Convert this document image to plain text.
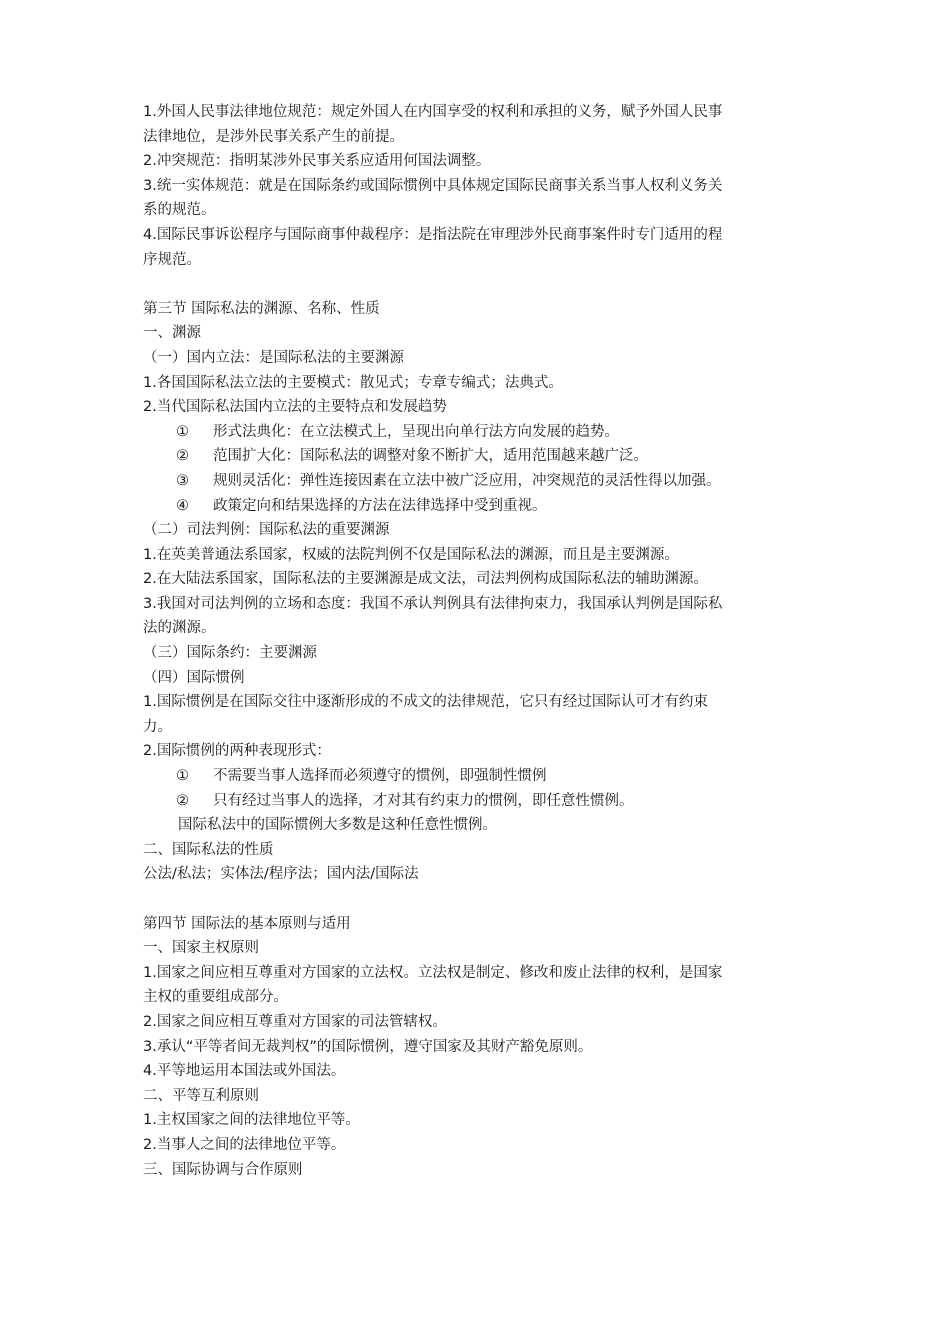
1.外国人民事法律地位规范：规定外国人在内国享受的权利和承担的义务，赋予外国人民事
法律地位，是涉外民事关系产生的前提。
2.冲突规范：指明某涉外民事关系应适用何国法调整。
3.统一实体规范：就是在国际条约或国际惯例中具体规定国际民商事关系当事人权利义务关
系的规范。
4.国际民事诉讼程序与国际商事仲裁程序：是指法院在审理涉外民商事案件时专门适用的程
序规范。
第三节 国际私法的渊源、名称、性质
一、渊源
（一）国内立法：是国际私法的主要渊源
1.各国国际私法立法的主要模式：散见式；专章专编式；法典式。
2.当代国际私法国内立法的主要特点和发展趋势
① 形式法典化：在立法模式上，呈现出向单行法方向发展的趋势。
② 范围扩大化：国际私法的调整对象不断扩大，适用范围越来越广泛。
③ 规则灵活化：弹性连接因素在立法中被广泛应用，冲突规范的灵活性得以加强。
④ 政策定向和结果选择的方法在法律选择中受到重视。
（二）司法判例：国际私法的重要渊源
1.在英美普通法系国家，权威的法院判例不仅是国际私法的渊源，而且是主要渊源。
2.在大陆法系国家，国际私法的主要渊源是成文法，司法判例构成国际私法的辅助渊源。
3.我国对司法判例的立场和态度：我国不承认判例具有法律拘束力，我国承认判例是国际私
法的渊源。
（三）国际条约：主要渊源
（四）国际惯例
1.国际惯例是在国际交往中逐渐形成的不成文的法律规范，它只有经过国际认可才有约束
力。
2.国际惯例的两种表现形式：
① 不需要当事人选择而必须遵守的惯例，即强制性惯例
② 只有经过当事人的选择，才对其有约束力的惯例，即任意性惯例。
国际私法中的国际惯例大多数是这种任意性惯例。
二、国际私法的性质
公法/私法；实体法/程序法；国内法/国际法
第四节 国际法的基本原则与适用
一、国家主权原则
1.国家之间应相互尊重对方国家的立法权。立法权是制定、修改和废止法律的权利，是国家
主权的重要组成部分。
2.国家之间应相互尊重对方国家的司法管辖权。
3.承认“平等者间无裁判权”的国际惯例，遵守国家及其财产豁免原则。
4.平等地运用本国法或外国法。
二、平等互利原则
1.主权国家之间的法律地位平等。
2.当事人之间的法律地位平等。
三、国际协调与合作原则
